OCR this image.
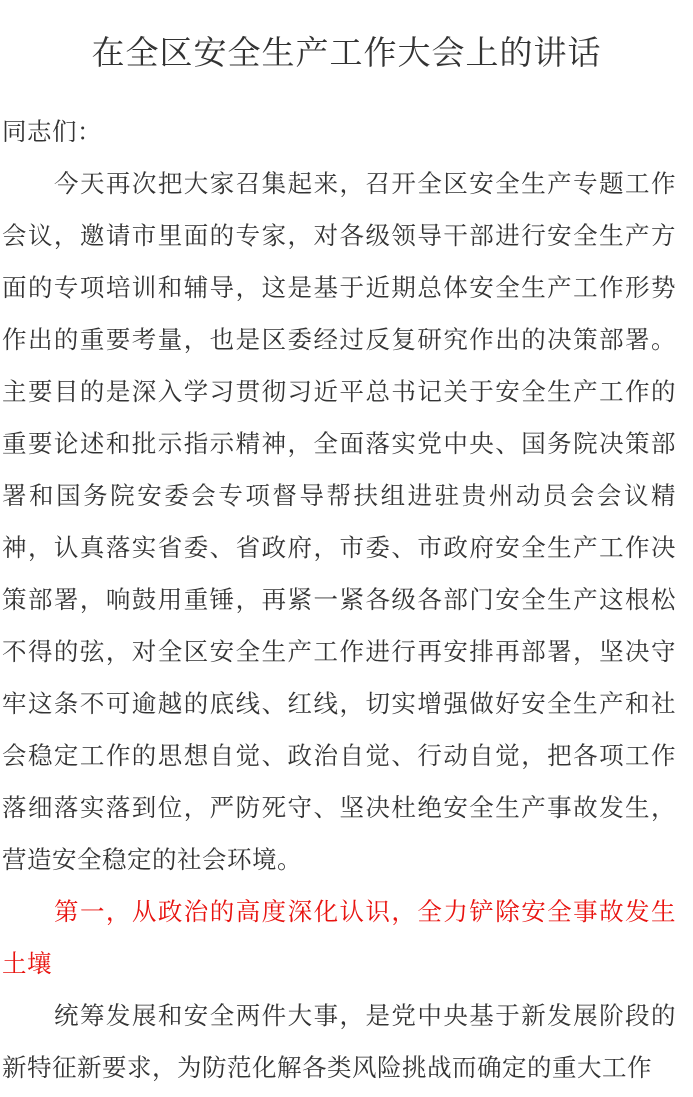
在全区安全生产工作大会上的讲话

同志们：

今天再次把大家召集起来，召开全区安全生产专题工作会议，邀请市里面的专家，对各级领导干部进行安全生产方面的专项培训和辅导，这是基于近期总体安全生产工作形势作出的重要考量，也是区委经过反复研究作出的决策部署。主要目的是深入学习贯彻习近平总书记关于安全生产工作的重要论述和批示指示精神，全面落实党中央、国务院决策部署和国务院安委会专项督导帮扶组进驻贵州动员会会议精神，认真落实省委、省政府，市委、市政府安全生产工作决策部署，响鼓用重锤，再紧一紧各级各部门安全生产这根松不得的弦，对全区安全生产工作进行再安排再部署，坚决守牢这条不可逾越的底线、红线，切实增强做好安全生产和社会稳定工作的思想自觉、政治自觉、行动自觉，把各项工作落细落实落到位，严防死守、坚决杜绝安全生产事故发生，营造安全稳定的社会环境。

第一，从政治的高度深化认识，全力铲除安全事故发生土壤

统筹发展和安全两件大事，是党中央基于新发展阶段的新特征新要求，为防范化解各类风险挑战而确定的重大工作
